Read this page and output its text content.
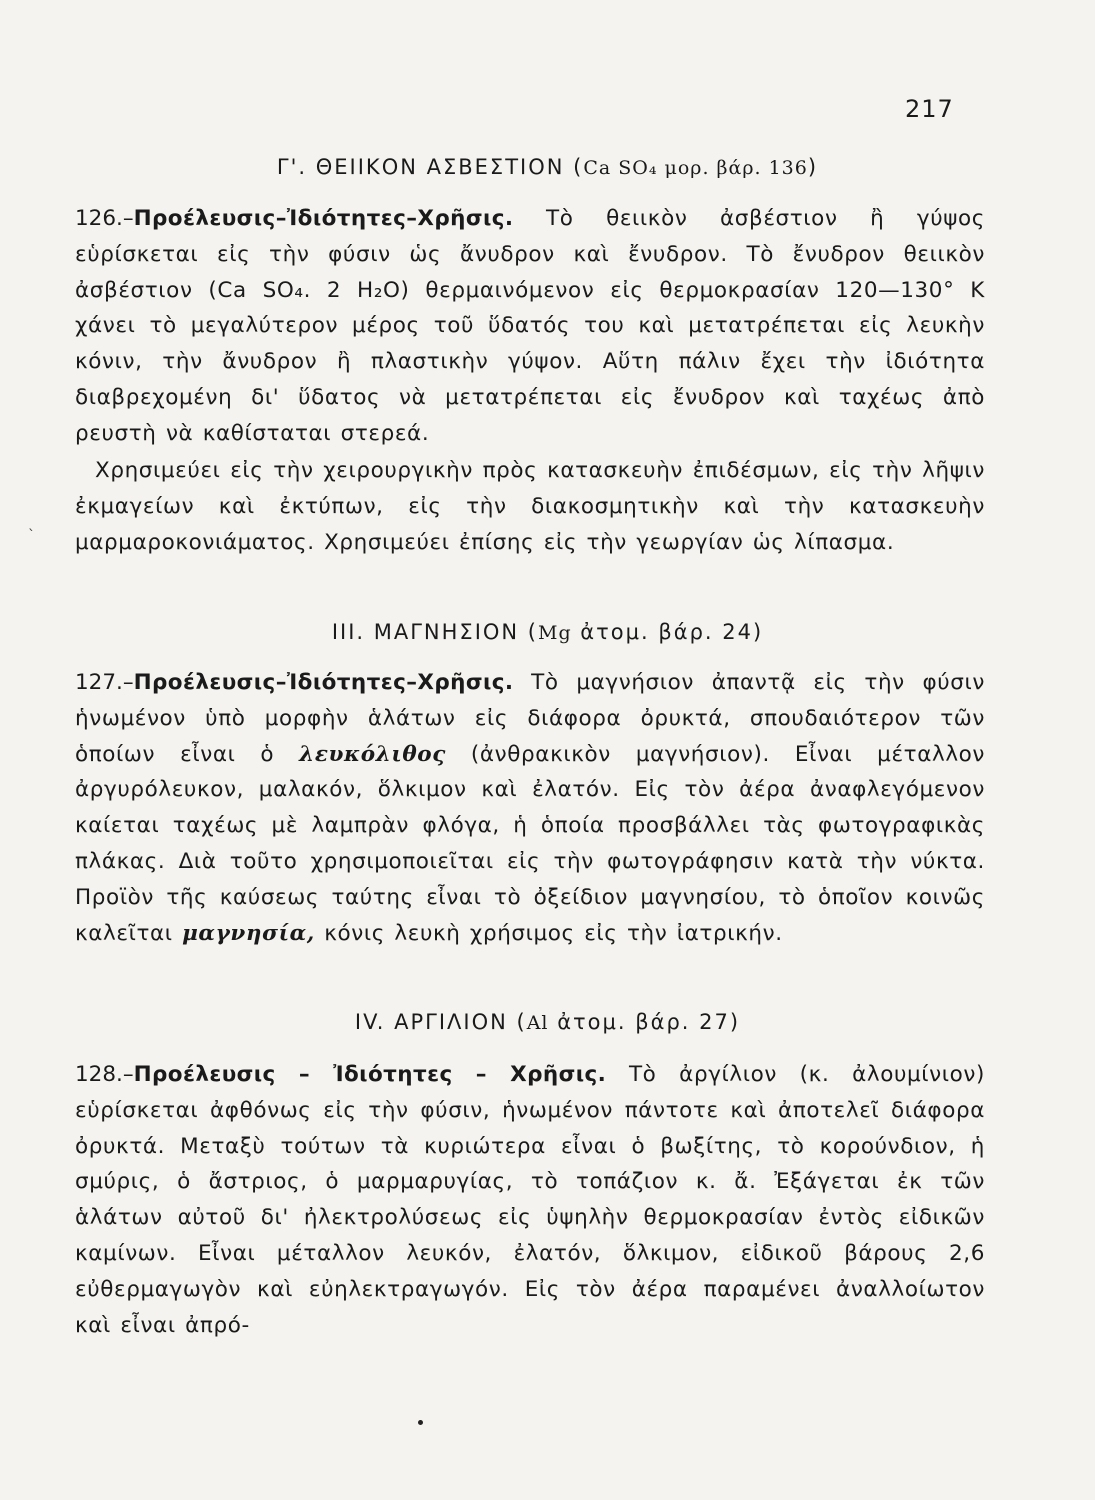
217
Γ'. ΘΕΙΙΚΟΝ ΑΣΒΕΣΤΙΟΝ (Ca SO₄ μορ. βάρ. 136)
126.–Προέλευσις–Ἰδιότητες–Χρῆσις. Τὸ θειικὸν ἀσβέστιον ἢ γύψος εὑρίσκεται εἰς τὴν φύσιν ὡς ἄνυδρον καὶ ἔνυδρον. Τὸ ἔνυδρον θειικὸν ἀσβέστιον (Ca SO₄. 2 H₂O) θερμαινόμενον εἰς θερμοκρασίαν 120—130° Κ χάνει τὸ μεγαλύτερον μέρος τοῦ ὕδατός του καὶ μετατρέπεται εἰς λευκὴν κόνιν, τὴν ἄνυδρον ἢ πλαστικὴν γύψον. Αὕτη πάλιν ἔχει τὴν ἰδιότητα διαβρεχομένη δι' ὕδατος νὰ μετατρέπεται εἰς ἔνυδρον καὶ ταχέως ἀπὸ ρευστὴ νὰ καθίσταται στερεά.
Χρησιμεύει εἰς τὴν χειρουργικὴν πρὸς κατασκευὴν ἐπιδέσμων, εἰς τὴν λῆψιν ἐκμαγείων καὶ ἐκτύπων, εἰς τὴν διακοσμητικὴν καὶ τὴν κατασκευὴν μαρμαροκονιάματος. Χρησιμεύει ἐπίσης εἰς τὴν γεωργίαν ὡς λίπασμα.
`
III. ΜΑΓΝΗΣΙΟΝ (Mg ἀτομ. βάρ. 24)
127.–Προέλευσις–Ἰδιότητες–Χρῆσις. Τὸ μαγνήσιον ἀπαντᾷ εἰς τὴν φύσιν ἡνωμένον ὑπὸ μορφὴν ἁλάτων εἰς διάφορα ὀρυκτά, σπουδαιότερον τῶν ὁποίων εἶναι ὁ λευκόλιθος (ἀνθρακικὸν μαγνήσιον). Εἶναι μέταλλον ἀργυρόλευκον, μαλακόν, ὅλκιμον καὶ ἐλατόν. Εἰς τὸν ἀέρα ἀναφλεγόμενον καίεται ταχέως μὲ λαμπρὰν φλόγα, ἡ ὁποία προσβάλλει τὰς φωτογραφικὰς πλάκας. Διὰ τοῦτο χρησιμοποιεῖται εἰς τὴν φωτογράφησιν κατὰ τὴν νύκτα. Προϊὸν τῆς καύσεως ταύτης εἶναι τὸ ὀξείδιον μαγνησίου, τὸ ὁποῖον κοινῶς καλεῖται μαγνησία, κόνις λευκὴ χρήσιμος εἰς τὴν ἰατρικήν.
IV. ΑΡΓΙΛΙΟΝ (Al ἀτομ. βάρ. 27)
128.–Προέλευσις – Ἰδιότητες – Χρῆσις. Τὸ ἀργίλιον (κ. ἀλουμίνιον) εὑρίσκεται ἀφθόνως εἰς τὴν φύσιν, ἡνωμένον πάντοτε καὶ ἀποτελεῖ διάφορα ὀρυκτά. Μεταξὺ τούτων τὰ κυριώτερα εἶναι ὁ βωξίτης, τὸ κορούνδιον, ἡ σμύρις, ὁ ἄστριος, ὁ μαρμαρυγίας, τὸ τοπάζιον κ. ἄ. Ἐξάγεται ἐκ τῶν ἁλάτων αὐτοῦ δι' ἠλεκτρολύσεως εἰς ὑψηλὴν θερμοκρασίαν ἐντὸς εἰδικῶν καμίνων. Εἶναι μέταλλον λευκόν, ἐλατόν, ὅλκιμον, εἰδικοῦ βάρους 2,6 εὐθερμαγωγὸν καὶ εὐηλεκτραγωγόν. Εἰς τὸν ἀέρα παραμένει ἀναλλοίωτον καὶ εἶναι ἀπρό-
